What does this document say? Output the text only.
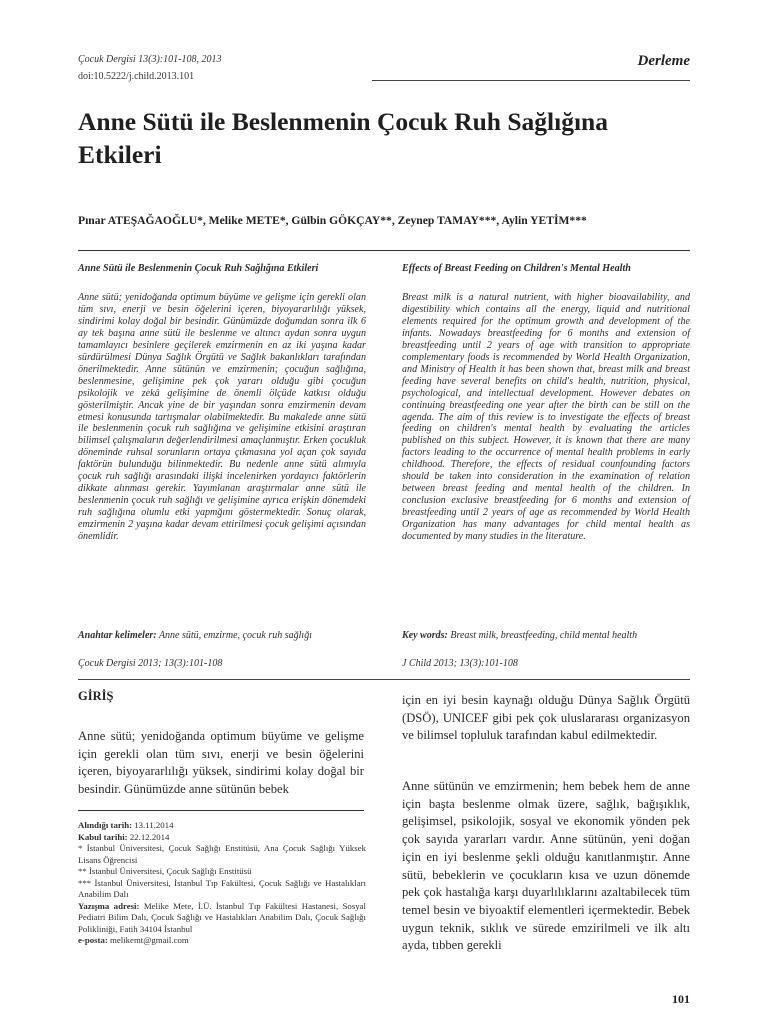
Çocuk Dergisi 13(3):101-108, 2013
doi:10.5222/j.child.2013.101
Derleme
Anne Sütü ile Beslenmenin Çocuk Ruh Sağlığına Etkileri
Pınar ATEŞAĞAOĞLU*, Melike METE*, Gülbin GÖKÇAY**, Zeynep TAMAY***, Aylin YETİM***

Anne Sütü ile Beslenmenin Çocuk Ruh Sağlığına Etkileri

Anne sütü; yenidoğanda optimum büyüme ve gelişme için gerekli olan tüm sıvı, enerji ve besin öğelerini içeren, biyoyararlılığı yüksek, sindirimi kolay doğal bir besindir. Günümüzde doğumdan sonra ilk 6 ay tek başına anne sütü ile beslenme ve altıncı aydan sonra uygun tamamlayıcı besinlere geçilerek emzirmenin en az iki yaşına kadar sürdürülmesi Dünya Sağlık Örgütü ve Sağlık bakanlıkları tarafından önerilmektedir. Anne sütünün ve emzirmenin; çocuğun sağlığına, beslenmesine, gelişimine pek çok yararı olduğu gibi çocuğun psikolojik ve zekâ gelişimine de önemli ölçüde katkısı olduğu gösterilmiştir. Ancak yine de bir yaşından sonra emzirmenin devam etmesi konusunda tartışmalar olabilmektedir. Bu makalede anne sütü ile beslenmenin çocuk ruh sağlığına ve gelişimine etkisini araştıran bilimsel çalışmaların değerlendirilmesi amaçlanmıştır. Erken çocukluk döneminde ruhsal sorunların ortaya çıkmasına yol açan çok sayıda faktörün bulunduğu bilinmektedir. Bu nedenle anne sütü alımıyla çocuk ruh sağlığı arasındaki ilişki incelenirken yordayıcı faktörlerin dikkate alınması gerekir. Yayımlanan araştırmalar anne sütü ile beslenmenin çocuk ruh sağlığı ve gelişimine ayrıca erişkin dönemdeki ruh sağlığına olumlu etki yapmğını göstermektedir. Sonuç olarak, emzirmenin 2 yaşına kadar devam ettirilmesi çocuk gelişimi açısından önemlidir.

Effects of Breast Feeding on Children's Mental Health

Breast milk is a natural nutrient, with higher bioavailability, and digestibility which contains all the energy, liquid and nutritional elements required for the optimum growth and development of the infants. Nowadays breastfeeding for 6 months and extension of breastfeeding until 2 years of age with transition to appropriate complementary foods is recommended by World Health Organization, and Ministry of Health it has been shown that, breast milk and breast feeding have several benefits on child's health, nutrition, physical, psychological, and intellectual development. However debates on continuing breastfeeding one year after the birth can be still on the agenda. The aim of this review is to investigate the effects of breast feeding on children's mental health by evaluating the articles published on this subject. However, it is known that there are many factors leading to the occurrence of mental health problems in early childhood. Therefore, the effects of residual counfounding factors should be taken into consideration in the examination of relation between breast feeding and mental health of the children. In conclusion exclusive breastfeeding for 6 months and extension of breastfeeding until 2 years of age as recommended by World Health Organization has many advantages for child mental health as documented by many studies in the literature.

Anahtar kelimeler: Anne sütü, emzirme, çocuk ruh sağlığı	Key words: Breast milk, breastfeeding, child mental health
Çocuk Dergisi 2013; 13(3):101-108	J Child 2013; 13(3):101-108
GİRİŞ

Anne sütü; yenidoğanda optimum büyüme ve gelişme için gerekli olan tüm sıvı, enerji ve besin öğelerini içeren, biyoyararlılığı yüksek, sindirimi kolay doğal bir besindir. Günümüzde anne sütünün bebek

için en iyi besin kaynağı olduğu Dünya Sağlık Örgütü (DSÖ), UNICEF gibi pek çok uluslararası organizasyon ve bilimsel topluluk tarafından kabul edilmektedir.

Anne sütünün ve emzirmenin; hem bebek hem de anne için başta beslenme olmak üzere, sağlık, bağışıklık, gelişimsel, psikolojik, sosyal ve ekonomik yönden pek çok sayıda yararları vardır. Anne sütünün, yeni doğan için en iyi beslenme şekli olduğu kanıtlanmıştır. Anne sütü, bebeklerin ve çocukların kısa ve uzun dönemde pek çok hastalığa karşı duyarlılıklarını azaltabilecek tüm temel besin ve biyoaktif elementleri içermektedir. Bebek uygun teknik, sıklık ve sürede emzirilmeli ve ilk altı ayda, tıbben gerekli

Alındığı tarih: 13.11.2014
Kabul tarihi: 22.12.2014
* İstanbul Üniversitesi, Çocuk Sağlığı Enstitüsü, Ana Çocuk Sağlığı Yüksek Lisans Öğrencisi
** İstanbul Üniversitesi, Çocuk Sağlığı Enstitüsü
*** İstanbul Üniversitesi, İstanbul Tıp Fakültesi, Çocuk Sağlığı ve Hastalıkları Anabilim Dalı
Yazışma adresi: Melike Mete, İ.Ü. İstanbul Tıp Fakültesi Hastanesi, Sosyal Pediatri Bilim Dalı, Çocuk Sağlığı ve Hastalıkları Anabilim Dalı, Çocuk Sağlığı Polikliniği, Fatih 34104 İstanbul
e-posta: melikemt@gmail.com
101
